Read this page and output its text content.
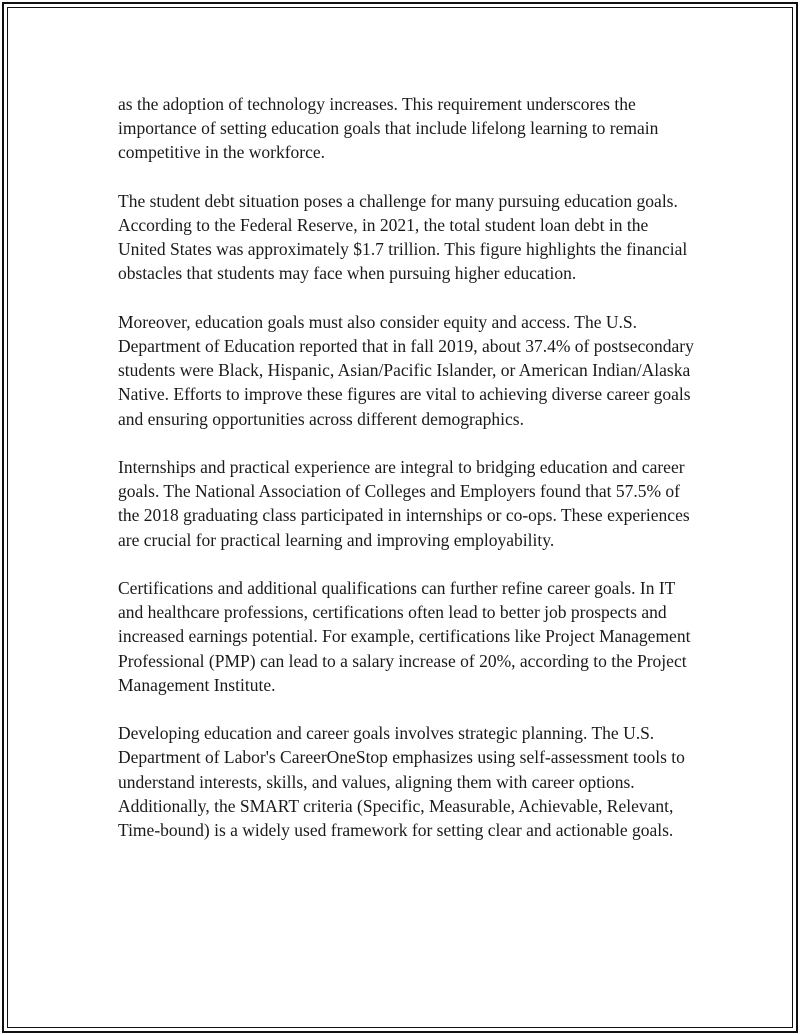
as the adoption of technology increases. This requirement underscores the importance of setting education goals that include lifelong learning to remain competitive in the workforce.

The student debt situation poses a challenge for many pursuing education goals. According to the Federal Reserve, in 2021, the total student loan debt in the United States was approximately $1.7 trillion. This figure highlights the financial obstacles that students may face when pursuing higher education.

Moreover, education goals must also consider equity and access. The U.S. Department of Education reported that in fall 2019, about 37.4% of postsecondary students were Black, Hispanic, Asian/Pacific Islander, or American Indian/Alaska Native. Efforts to improve these figures are vital to achieving diverse career goals and ensuring opportunities across different demographics.

Internships and practical experience are integral to bridging education and career goals. The National Association of Colleges and Employers found that 57.5% of the 2018 graduating class participated in internships or co-ops. These experiences are crucial for practical learning and improving employability.

Certifications and additional qualifications can further refine career goals. In IT and healthcare professions, certifications often lead to better job prospects and increased earnings potential. For example, certifications like Project Management Professional (PMP) can lead to a salary increase of 20%, according to the Project Management Institute.

Developing education and career goals involves strategic planning. The U.S. Department of Labor's CareerOneStop emphasizes using self-assessment tools to understand interests, skills, and values, aligning them with career options. Additionally, the SMART criteria (Specific, Measurable, Achievable, Relevant, Time-bound) is a widely used framework for setting clear and actionable goals.
